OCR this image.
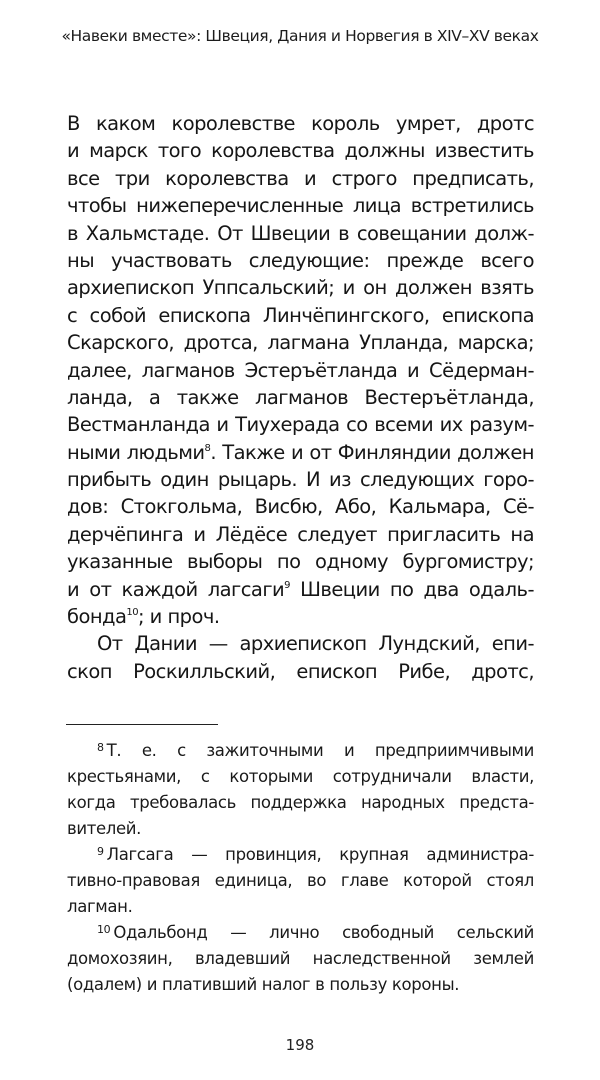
«Навеки вместе»: Швеция, Дания и Норвегия в XIV–XV веках
В каком королевстве король умрет, дротс
и марск того королевства должны известить
все три королевства и строго предписать,
чтобы нижеперечисленные лица встретились
в Хальмстаде. От Швеции в совещании долж-
ны участвовать следующие: прежде всего
архиепископ Уппсальский; и он должен взять
с собой епископа Линчёпингского, епископа
Скарского, дротса, лагмана Упланда, марска;
далее, лагманов Эстеръётланда и Сёдерман-
ланда, а также лагманов Вестеръётланда,
Вестманланда и Тиухерада со всеми их разум-
ными людьми$^8$. Также и от Финляндии должен
прибыть один рыцарь. И из следующих горо-
дов: Стокгольма, Висбю, Або, Кальмара, Сё-
дерчёпинга и Лёдёсе следует пригласить на
указанные выборы по одному бургомистру;
и от каждой лагсаги$^9$ Швеции по два одаль-
бонда$^{10}$; и проч.
От Дании — архиепископ Лундский, епи-
скоп Роскилльский, епископ Рибе, дротс,
$^8$ Т. е. с зажиточными и предприимчивыми
крестьянами, с которыми сотрудничали власти,
когда требовалась поддержка народных предста-
вителей.
$^9$ Лагсага — провинция, крупная администра-
тивно-правовая единица, во главе которой стоял
лагман.
$^{10}$ Одальбонд — лично свободный сельский
домохозяин, владевший наследственной землей
(одалем) и плативший налог в пользу короны.
198
